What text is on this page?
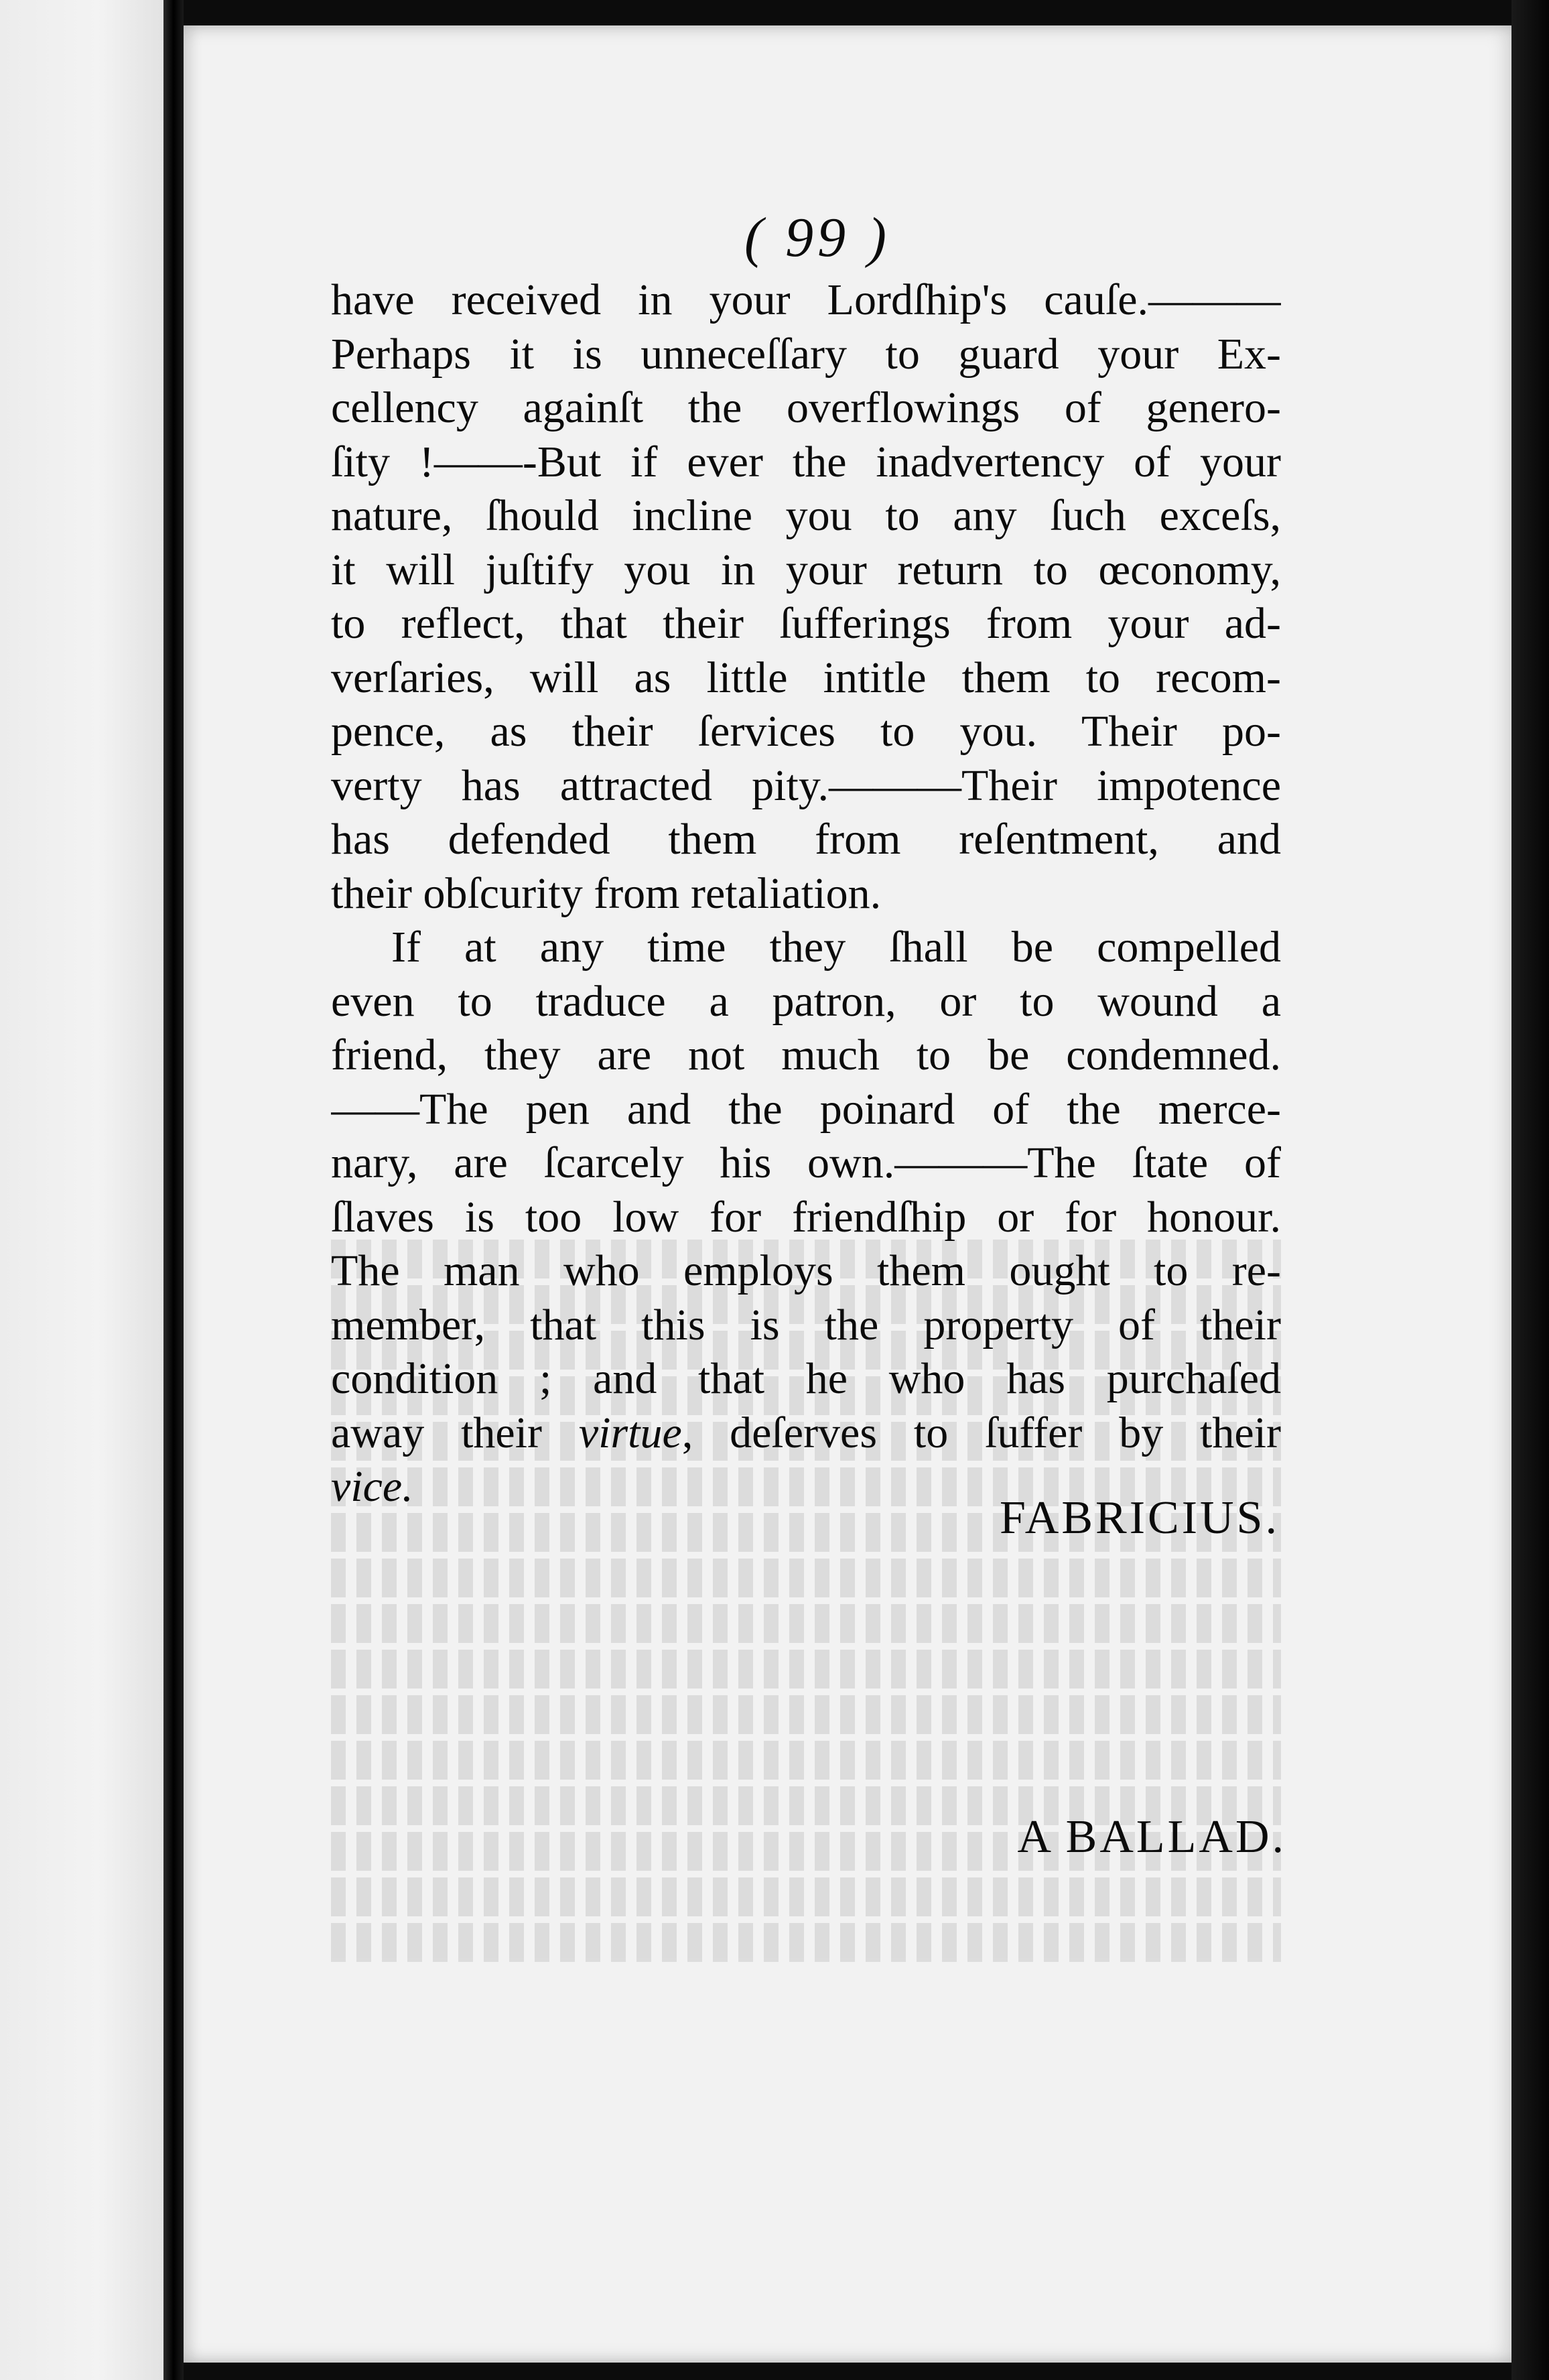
( 99 )
have received in your Lordſhip's cauſe.———
Perhaps it is unneceſſary to guard your Ex-
cellency againſt the overflowings of genero-
ſity !——-But if ever the inadvertency of your
nature, ſhould incline you to any ſuch exceſs,
it will juſtify you in your return to œconomy,
to reflect, that their ſufferings from your ad-
verſaries, will as little intitle them to recom-
pence, as their ſervices to you. Their po-
verty has attracted pity.———Their impotence
has defended them from reſentment, and
their obſcurity from retaliation.
If at any time they ſhall be compelled
even to traduce a patron, or to wound a
friend, they are not much to be condemned.
——The pen and the poinard of the merce-
nary, are ſcarcely his own.———The ſtate of
ſlaves is too low for friendſhip or for honour.
The man who employs them ought to re-
member, that this is the property of their
condition ; and that he who has purchaſed
away their virtue, deſerves to ſuffer by their
vice.
FABRICIUS.
A BALLAD.
